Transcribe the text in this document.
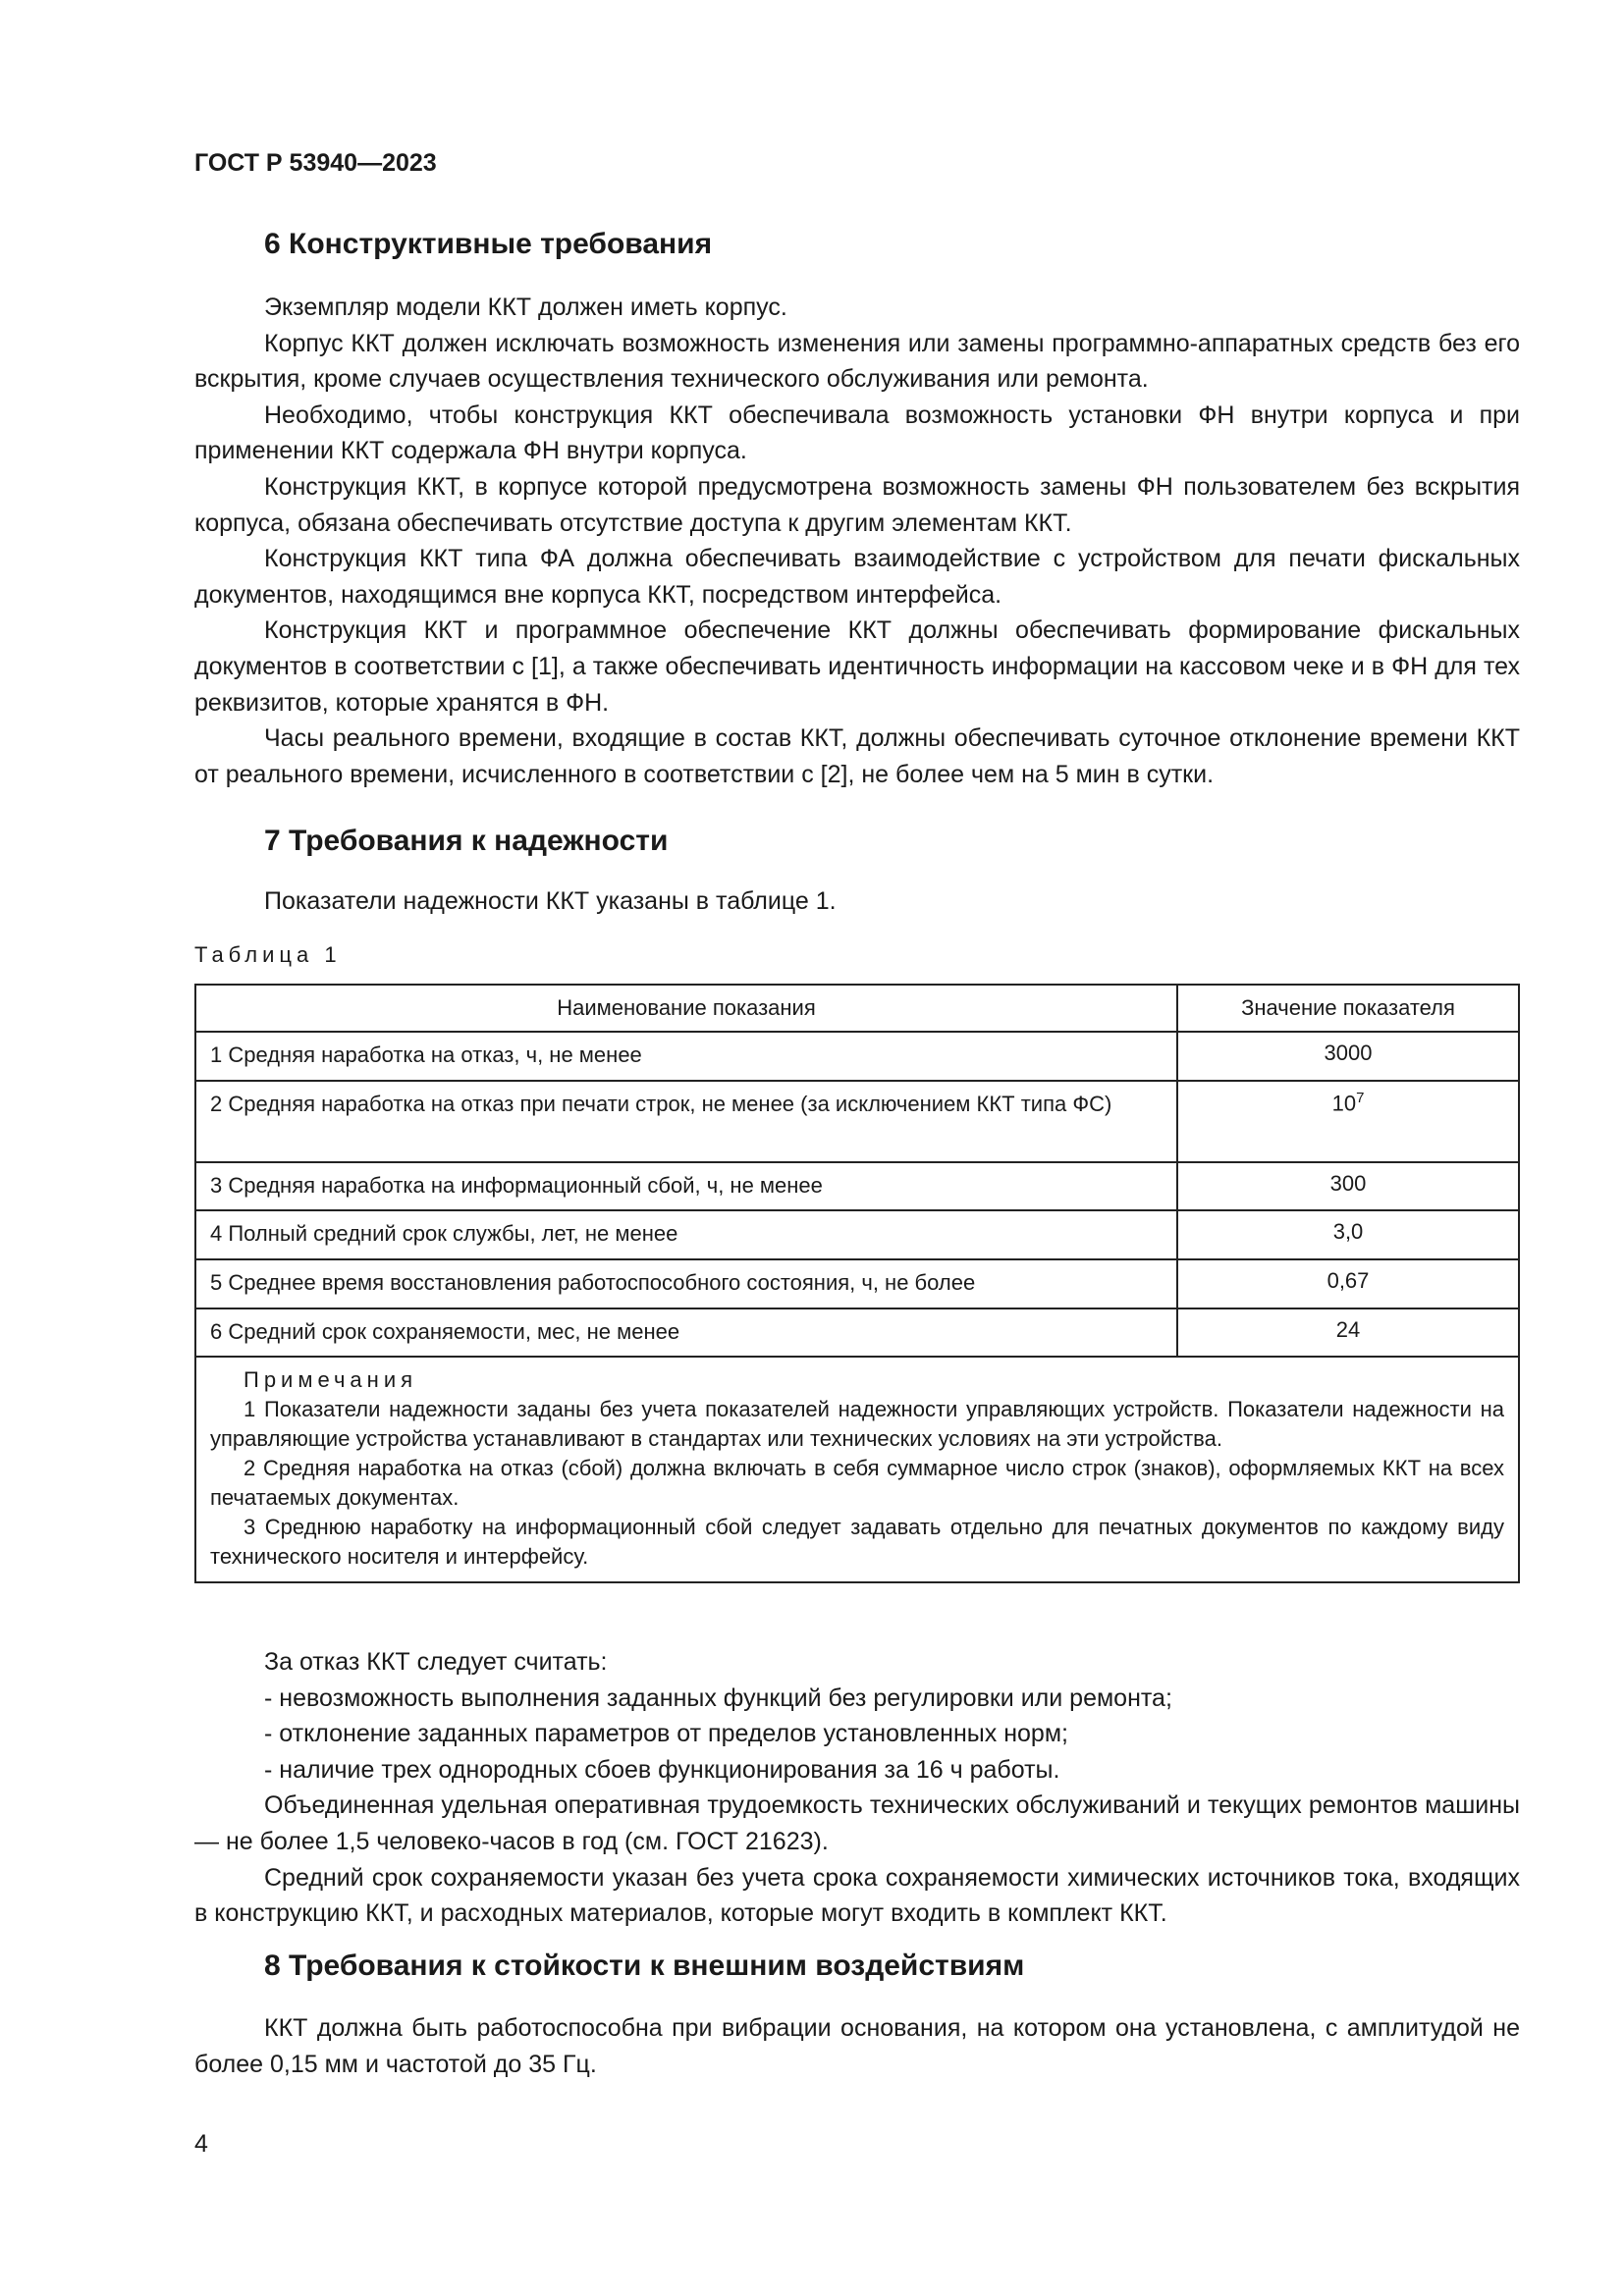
ГОСТ Р 53940—2023
6 Конструктивные требования
Экземпляр модели ККТ должен иметь корпус.
Корпус ККТ должен исключать возможность изменения или замены программно-аппаратных средств без его вскрытия, кроме случаев осуществления технического обслуживания или ремонта.
Необходимо, чтобы конструкция ККТ обеспечивала возможность установки ФН внутри корпуса и при применении ККТ содержала ФН внутри корпуса.
Конструкция ККТ, в корпусе которой предусмотрена возможность замены ФН пользователем без вскрытия корпуса, обязана обеспечивать отсутствие доступа к другим элементам ККТ.
Конструкция ККТ типа ФА должна обеспечивать взаимодействие с устройством для печати фискальных документов, находящимся вне корпуса ККТ, посредством интерфейса.
Конструкция ККТ и программное обеспечение ККТ должны обеспечивать формирование фискальных документов в соответствии с [1], а также обеспечивать идентичность информации на кассовом чеке и в ФН для тех реквизитов, которые хранятся в ФН.
Часы реального времени, входящие в состав ККТ, должны обеспечивать суточное отклонение времени ККТ от реального времени, исчисленного в соответствии с [2], не более чем на 5 мин в сутки.
7 Требования к надежности
Показатели надежности ККТ указаны в таблице 1.
Таблица 1
Наименование показания	Значение показателя
1 Средняя наработка на отказ, ч, не менее	3000
2 Средняя наработка на отказ при печати строк, не менее (за исключением ККТ типа ФС)	$10^7$
3 Средняя наработка на информационный сбой, ч, не менее	300
4 Полный средний срок службы, лет, не менее	3,0
5 Среднее время восстановления работоспособного состояния, ч, не более	0,67
6 Средний срок сохраняемости, мес, не менее	24

Примечания
1 Показатели надежности заданы без учета показателей надежности управляющих устройств. Показатели надежности на управляющие устройства устанавливают в стандартах или технических условиях на эти устройства.
2 Средняя наработка на отказ (сбой) должна включать в себя суммарное число строк (знаков), оформляемых ККТ на всех печатаемых документах.
3 Среднюю наработку на информационный сбой следует задавать отдельно для печатных документов по каждому виду технического носителя и интерфейсу.	
За отказ ККТ следует считать:
- невозможность выполнения заданных функций без регулировки или ремонта;
- отклонение заданных параметров от пределов установленных норм;
- наличие трех однородных сбоев функционирования за 16 ч работы.
Объединенная удельная оперативная трудоемкость технических обслуживаний и текущих ремонтов машины — не более 1,5 человеко-часов в год (см. ГОСТ 21623).
Средний срок сохраняемости указан без учета срока сохраняемости химических источников тока, входящих в конструкцию ККТ, и расходных материалов, которые могут входить в комплект ККТ.
8 Требования к стойкости к внешним воздействиям
ККТ должна быть работоспособна при вибрации основания, на котором она установлена, с амплитудой не более 0,15 мм и частотой до 35 Гц.
4
